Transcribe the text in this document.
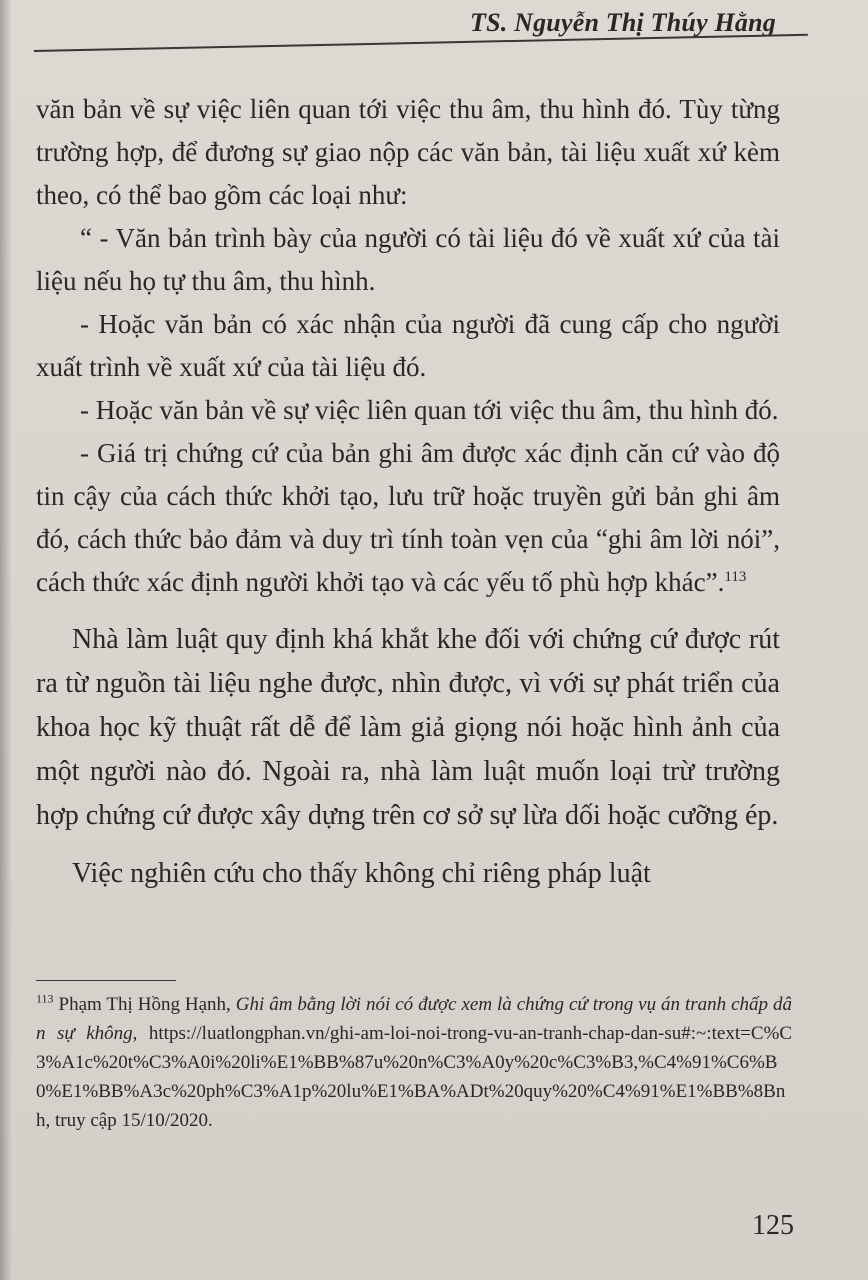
TS. Nguyễn Thị Thúy Hằng

văn bản về sự việc liên quan tới việc thu âm, thu hình đó. Tùy từng trường hợp, để đương sự giao nộp các văn bản, tài liệu xuất xứ kèm theo, có thể bao gồm các loại như:

“ - Văn bản trình bày của người có tài liệu đó về xuất xứ của tài liệu nếu họ tự thu âm, thu hình.

- Hoặc văn bản có xác nhận của người đã cung cấp cho người xuất trình về xuất xứ của tài liệu đó.

- Hoặc văn bản về sự việc liên quan tới việc thu âm, thu hình đó.

- Giá trị chứng cứ của bản ghi âm được xác định căn cứ vào độ tin cậy của cách thức khởi tạo, lưu trữ hoặc truyền gửi bản ghi âm đó, cách thức bảo đảm và duy trì tính toàn vẹn của “ghi âm lời nói”, cách thức xác định người khởi tạo và các yếu tố phù hợp khác”.$^{113}$

Nhà làm luật quy định khá khắt khe đối với chứng cứ được rút ra từ nguồn tài liệu nghe được, nhìn được, vì với sự phát triển của khoa học kỹ thuật rất dễ để làm giả giọng nói hoặc hình ảnh của một người nào đó. Ngoài ra, nhà làm luật muốn loại trừ trường hợp chứng cứ được xây dựng trên cơ sở sự lừa dối hoặc cưỡng ép.

Việc nghiên cứu cho thấy không chỉ riêng pháp luật

$^{113}$ Phạm Thị Hồng Hạnh, Ghi âm bằng lời nói có được xem là chứng cứ trong vụ án tranh chấp dân sự không, https://luatlongphan.vn/ghi-am-loi-noi-trong-vu-an-tranh-chap-dan-su#:~:text=C%C3%A1c%20t%C3%A0i%20li%E1%BB%87u%20n%C3%A0y%20c%C3%B3,%C4%91%C6%B0%E1%BB%A3c%20ph%C3%A1p%20lu%E1%BA%ADt%20quy%20%C4%91%E1%BB%8Bnh, truy cập 15/10/2020.
125
